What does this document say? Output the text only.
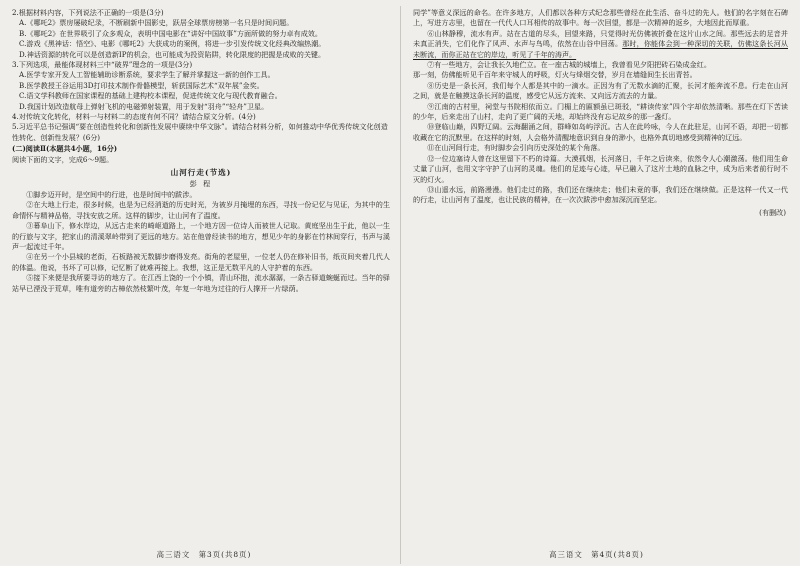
2.根据材料内容，下列说法不正确的一项是(3分)

A.《哪吒2》票房屡破纪录，不断刷新中国影史，跃居全球票房榜第一名只是时间问题。

B.《哪吒2》在世界吸引了众多观众，表明中国电影在“讲好中国故事”方面所做的努力卓有成效。

C.游戏《黑神话：悟空》、电影《哪吒2》大获成功的案例，将进一步引发传统文化经典改编热潮。

D.神话资源的转化可以是创造新IP的机会，也可能成为投资陷阱，转化限度的把握是成败的关键。

3.下列选项，最能体现材料三中“破界”理念的一项是(3分)

A.医学专家开发人工智能辅助诊断系统，要求学生了解并掌握这一新的创作工具。

B.医学教授王谷运用3D打印技术制作骨骼模型，斩获国际艺术“双年展”金奖。

C.语文学科教师在国家课程的基础上建构校本课程，促进传统文化与现代教育融合。

D.我国计划改造航母上弹射飞机的电磁弹射装置，用于发射“羽舟”“轻舟”卫星。

4.对传统文化转化，材料一与材料二的态度有何不同？请结合原文分析。(4分)

5.习近平总书记强调“要在创造性转化和创新性发展中赓续中华文脉”。请结合材料分析，如何推动中华优秀传统文化创造性转化、创新性发展？(6分)

(二)阅读Ⅱ(本题共4小题，16分)

阅读下面的文字，完成6～9题。

山河行走(节选)

彭 程

①脚步迈开时，是空间中的行进，也是时间中的跋涉。

②在大地上行走，很多时候，也是为已经消逝的历史时光，为被岁月掩埋的东西，寻找一份记忆与见证，为其中的生命情怀与精神品格，寻找安放之所。这样的脚步，让山河有了温度。

③幕阜山下，修水岸边，从远古走来的崎岖道路上，一个地方因一位诗人而被世人记取。黄庭坚出生于此，他以一生的行旅与文字，把家山的清溪翠岭带到了更远的地方。站在他曾经读书的地方，想见少年的身影在竹林间穿行，书声与溪声一起流过千年。

④在另一个小县城的老街，石板路被无数脚步磨得发亮。街角的老屋里，一位老人仍在修补旧书，纸页间夹着几代人的体温。他说，书坏了可以修，记忆断了就难再接上。我想，这正是无数平凡的人守护着的东西。

⑤接下来便是我所要寻访的地方了。在江西上饶的一个小镇，青山环抱，流水潺潺，一条古驿道蜿蜒而过。当年的驿站早已湮没于荒草，唯有道旁的古樟依然枝繁叶茂，年复一年地为过往的行人撑开一片绿荫。

高三语文　第3页(共8页)

同学”等意义深远的命名。在许多地方，人们都以各种方式纪念那些曾经在此生活、奋斗过的先人。他们的名字刻在石碑上，写进方志里，也留在一代代人口耳相传的故事中。每一次回望，都是一次精神的返乡，大地因此而厚重。

⑥山林静穆，流水有声。站在古道的尽头，回望来路，只觉得时光仿佛被折叠在这片山水之间。那些远去的足音并未真正消失，它们化作了风声、水声与鸟鸣，依然在山谷中回荡。那时，你能体会到一种深切的关联，仿佛这条长河从未断流，而你正站在它的岸边，听见了千年的涛声。

⑦有一些地方，会让我长久地伫立。在一座古城的城墙上，我曾看见夕阳把砖石染成金红。

那一刻，仿佛能听见千百年来守城人的呼吸，灯火与烽烟交替，岁月在墙缝间生长出青苔。

⑧历史是一条长河，我们每个人都是其中的一滴水。正因为有了无数水滴的汇聚，长河才能奔流不息。行走在山河之间，就是在触摸这条长河的温度，感受它从远方流来、又向远方流去的力量。

⑨江南的古村里，祠堂与书院相依而立。门楣上的匾额虽已斑驳，“耕读传家”四个字却依然清晰。那些在灯下苦读的少年，后来走出了山村，走向了更广阔的天地，却始终没有忘记故乡的那一盏灯。

⑩登临山巅，四野辽阔。云海翻涌之间，群峰如岛屿浮沉。古人在此吟咏，今人在此驻足，山河不语，却把一切都收藏在它的沉默里。在这样的时刻，人会格外清醒地意识到自身的渺小，也格外真切地感受到精神的辽远。

⑪在山河间行走，有时脚步会引向历史深处的某个角落。

⑫一位边塞诗人曾在这里留下不朽的诗篇。大漠孤烟，长河落日，千年之后读来，依然令人心潮激荡。他们用生命丈量了山河，也用文字守护了山河的灵魂。他们的足迹与心迹，早已融入了这片土地的血脉之中，成为后来者前行时不灭的灯火。

⑬山遥水远，前路漫漫。他们走过的路，我们还在继续走；他们未竟的事，我们还在继续做。正是这样一代又一代的行走，让山河有了温度，也让民族的精神，在一次次跋涉中愈加深沉而坚定。

(有删改)

高三语文　第4页(共8页)
